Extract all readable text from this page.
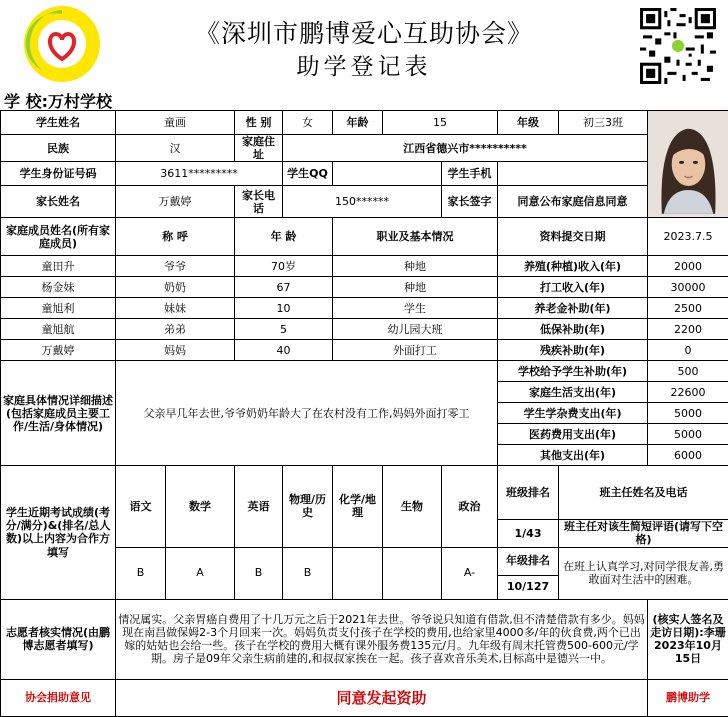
《深圳市鹏博爱心互助协会》
助学登记表
学 校:万村学校
学生姓名	童画		性 别	女	年龄	15		年级	初三3班	
民族	汉		家庭住址	江西省德兴市**********							
学生身份证号码	3611*********			学生QQ			学生手机				
家长姓名	万戴婷		家长电话	150******			家长签字	同意公布家庭信息同意			
家庭成员姓名(所有家庭成员)	称 呼		年 龄		职业及基本情况			资料提交日期		2023.7.5	
童田升	爷爷		70岁		种地			养殖(种植)收入(年)		2000	
杨金妹	奶奶		67		种地			打工收入(年)		30000	
童旭利	妹妹		10		学生			养老金补助(年)		2500	
童旭航	弟弟		5		幼儿园大班			低保补助(年)		2200	
万戴婷	妈妈		40		外面打工			残疾补助(年)		0	
家庭具体情况详细描述(包括家庭成员主要工作/生活/身体情况)	父亲早几年去世,爷爷奶奶年龄大了在农村没有工作,妈妈外面打零工							学校给予学生补助(年)		500	
								家庭生活支出(年)		22600	
								学生学杂费支出(年)		5000	
								医药费用支出(年)		5000	
								其他支出(年)		6000	
学生近期考试成绩(考分/满分)&(排名/总人数)以上内容为合作方填写	语文	数学	英语	物理/历史	化学/地理	生物	政治	班级排名	班主任姓名及电话	
								1/43	班主任对该生简短评语(请写下空格)		
	B	A	B	B			A-	年级排名	在班上认真学习,对同学很友善,勇敢面对生活中的困难。		
								10/127			
志愿者核实情况(由鹏博志愿者填写)	情况属实。父亲胃癌自费用了十几万元之后于2021年去世。爷爷说只知道有借款,但不清楚借款有多少。妈妈现在南昌做保姆2-3个月回来一次。妈妈负责支付孩子在学校的费用,也给家里4000多/年的伙食费,两个已出嫁的姑姑也会给一些。孩子在学校的费用大概有课外服务费135元/月。九年级有周末托管费500-600元/学期。房子是09年父亲生病前建的,和叔叔家挨在一起。孩子喜欢音乐美术,目标高中是德兴一中。									(核实人签名及走访日期):李珊2023年10月15日	
协会捐助意见	同意发起资助									鹏博助学	
